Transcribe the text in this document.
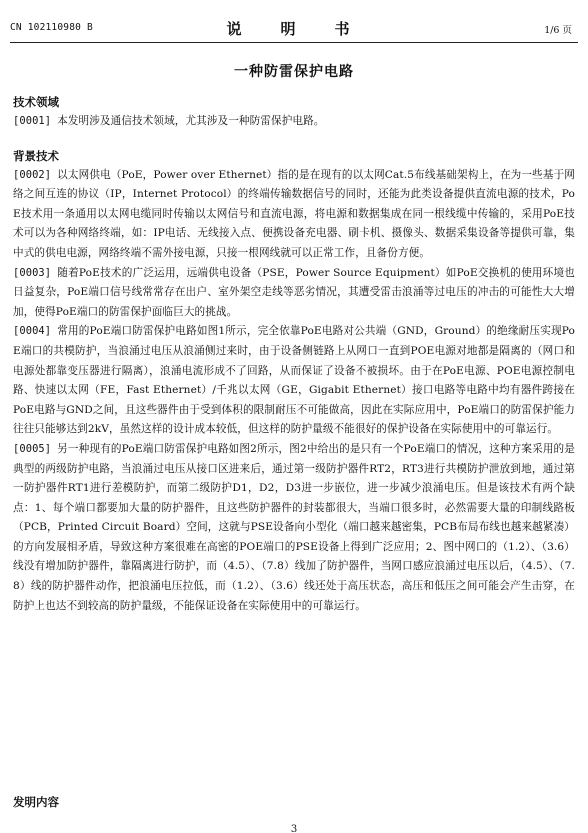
CN 102110980 B	说　明　书	1/6 页
一种防雷保护电路

技术领域

[0001] 本发明涉及通信技术领域，尤其涉及一种防雷保护电路。

背景技术

[0002] 以太网供电（PoE，Power over Ethernet）指的是在现有的以太网Cat.5布线基础架构上，在为一些基于网络之间互连的协议（IP，Internet Protocol）的终端传输数据信号的同时，还能为此类设备提供直流电源的技术，PoE技术用一条通用以太网电缆同时传输以太网信号和直流电源，将电源和数据集成在同一根线缆中传输的，采用PoE技术可以为各种网络终端，如：IP电话、无线接入点、便携设备充电器、刷卡机、摄像头、数据采集设备等提供可靠，集中式的供电电源，网络终端不需外接电源，只接一根网线就可以正常工作，且备份方便。

[0003] 随着PoE技术的广泛运用，远端供电设备（PSE，Power Source Equipment）如PoE交换机的使用环境也日益复杂，PoE端口信号线常常存在出户、室外架空走线等恶劣情况，其遭受雷击浪涌等过电压的冲击的可能性大大增加，使得PoE端口的防雷保护面临巨大的挑战。

[0004] 常用的PoE端口防雷保护电路如图1所示，完全依靠PoE电路对公共端（GND，Ground）的绝缘耐压实现PoE端口的共模防护，当浪涌过电压从浪涌侧过来时，由于设备侧链路上从网口一直到POE电源对地都是隔离的（网口和电源处都靠变压器进行隔离），浪涌电流形成不了回路，从而保证了设备不被损坏。由于在PoE电源、POE电源控制电路、快速以太网（FE，Fast Ethernet）/千兆以太网（GE，Gigabit Ethernet）接口电路等电路中均有器件跨接在PoE电路与GND之间，且这些器件由于受到体积的限制耐压不可能做高，因此在实际应用中，PoE端口的防雷保护能力往往只能够达到2kV，虽然这样的设计成本较低，但这样的防护量级不能很好的保护设备在实际使用中的可靠运行。

[0005] 另一种现有的PoE端口防雷保护电路如图2所示，图2中给出的是只有一个PoE端口的情况，这种方案采用的是典型的两级防护电路，当浪涌过电压从接口区进来后，通过第一级防护器件RT2，RT3进行共模防护泄放到地，通过第一防护器件RT1进行差模防护，而第二级防护D1，D2，D3进一步嵌位，进一步减少浪涌电压。但是该技术有两个缺点：1、每个端口都要加大量的防护器件，且这些防护器件的封装都很大，当端口很多时，必然需要大量的印制线路板（PCB，Printed Circuit Board）空间，这就与PSE设备向小型化（端口越来越密集，PCB布局布线也越来越紧凑）的方向发展相矛盾，导致这种方案很难在高密的POE端口的PSE设备上得到广泛应用；2、图中网口的（1.2）、（3.6）线没有增加防护器件，靠隔离进行防护，而（4.5）、（7.8）线加了防护器件，当网口感应浪涌过电压以后，（4.5）、（7.8）线的防护器件动作，把浪涌电压拉低，而（1.2）、（3.6）线还处于高压状态，高压和低压之间可能会产生击穿，在防护上也达不到较高的防护量级，不能保证设备在实际使用中的可靠运行。

发明内容

3
